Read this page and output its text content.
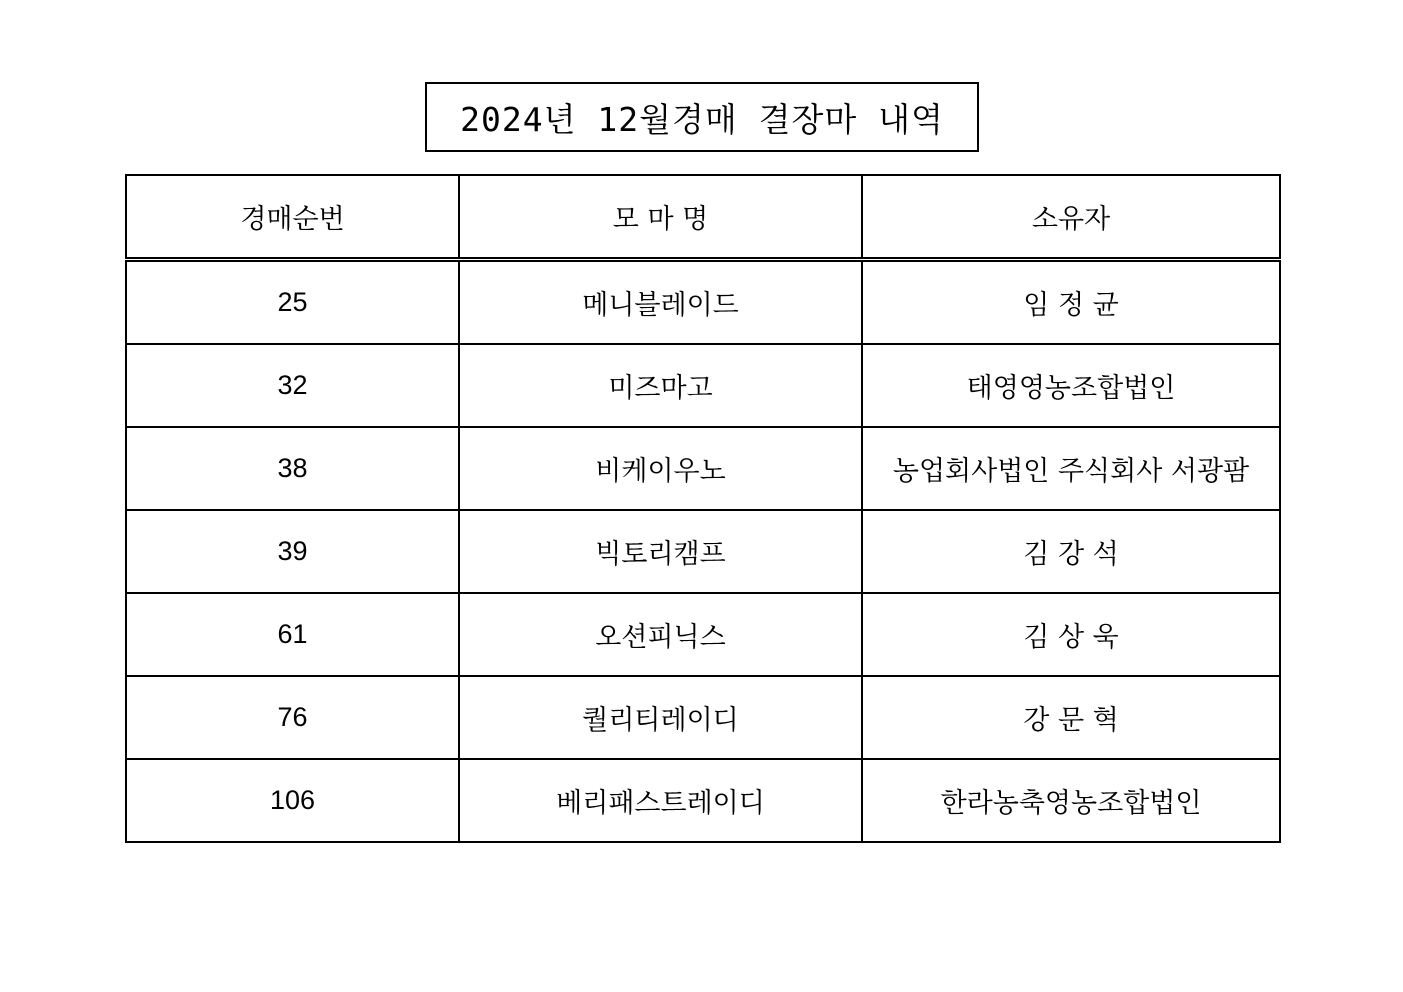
2024년 12월경매 결장마 내역
경매순번	모 마 명	소유자
25	메니블레이드	임 정 균
32	미즈마고	태영영농조합법인
38	비케이우노	농업회사법인 주식회사 서광팜
39	빅토리캠프	김 강 석
61	오션피닉스	김 상 욱
76	퀄리티레이디	강 문 혁
106	베리패스트레이디	한라농축영농조합법인
